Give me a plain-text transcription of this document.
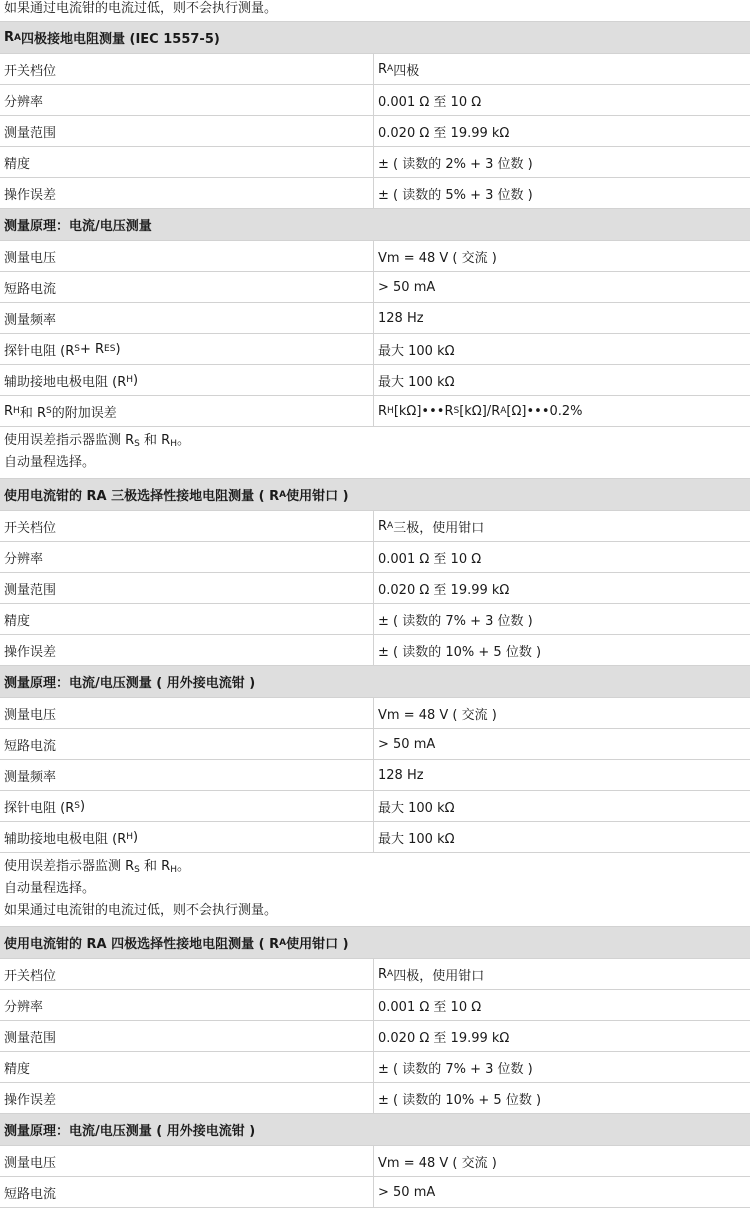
如果通过电流钳的电流过低，则不会执行测量。
R A 四极接地电阻测量 (IEC 1557-5)
开关档位	R A 四极
分辨率	0.001 Ω 至 10 Ω
测量范围	0.020 Ω 至 19.99 kΩ
精度	± ( 读数的 2% + 3 位数 )
操作误差	± ( 读数的 5% + 3 位数 )
测量原理：电流/电压测量
测量电压	Vm = 48 V ( 交流 )
短路电流	> 50 mA
测量频率	128 Hz
探针电阻 (R S + R ES )	最大 100 kΩ
辅助接地电极电阻 (R H )	最大 100 kΩ
R H 和 R S 的附加误差	R H [kΩ]•••R S [kΩ]/R A [Ω]•••0.2%
使用误差指示器监测 $R_S$ 和 $R_H$。
自动量程选择。
使用电流钳的 RA 三极选择性接地电阻测量 ( R A 使用钳口 )
开关档位	R A 三极，使用钳口
分辨率	0.001 Ω 至 10 Ω
测量范围	0.020 Ω 至 19.99 kΩ
精度	± ( 读数的 7% + 3 位数 )
操作误差	± ( 读数的 10% + 5 位数 )
测量原理：电流/电压测量 ( 用外接电流钳 )
测量电压	Vm = 48 V ( 交流 )
短路电流	> 50 mA
测量频率	128 Hz
探针电阻 (R S )	最大 100 kΩ
辅助接地电极电阻 (R H )	最大 100 kΩ
使用误差指示器监测 $R_S$ 和 $R_H$。
自动量程选择。
如果通过电流钳的电流过低，则不会执行测量。
使用电流钳的 RA 四极选择性接地电阻测量 ( R A 使用钳口 )
开关档位	R A 四极，使用钳口
分辨率	0.001 Ω 至 10 Ω
测量范围	0.020 Ω 至 19.99 kΩ
精度	± ( 读数的 7% + 3 位数 )
操作误差	± ( 读数的 10% + 5 位数 )
测量原理：电流/电压测量 ( 用外接电流钳 )
测量电压	Vm = 48 V ( 交流 )
短路电流	> 50 mA
